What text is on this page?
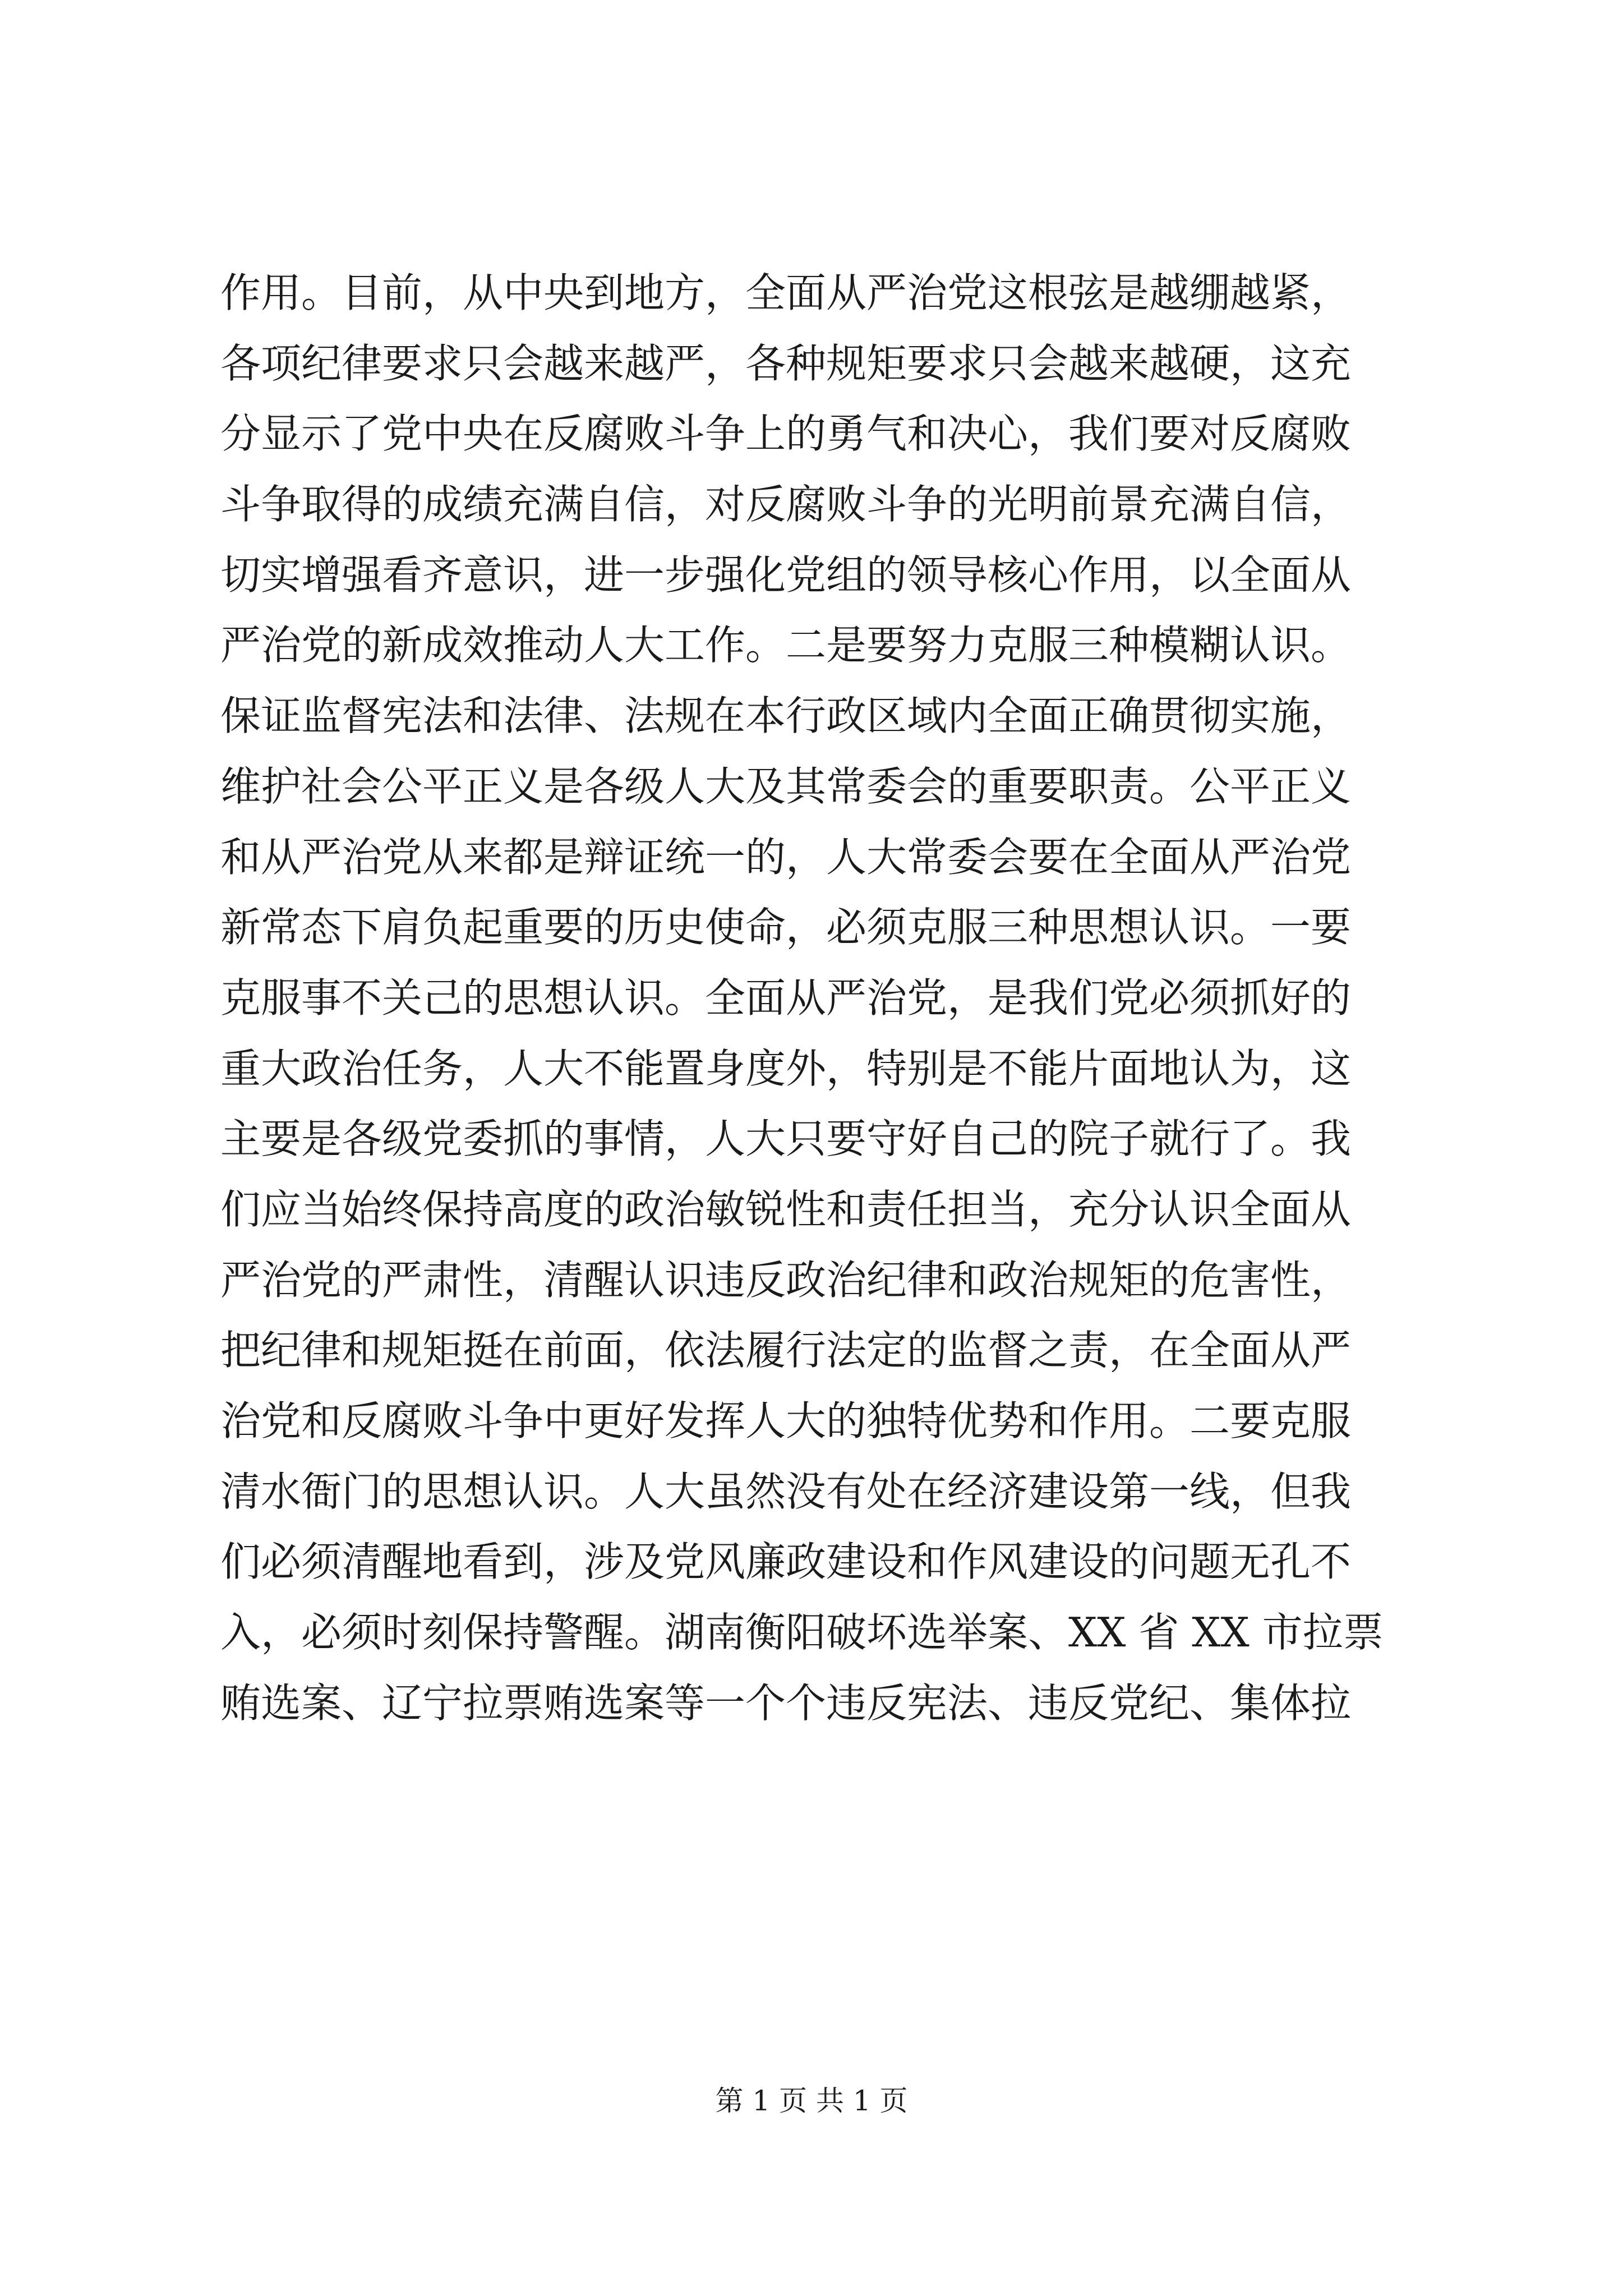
作用。目前，从中央到地方，全面从严治党这根弦是越绷越紧，
各项纪律要求只会越来越严，各种规矩要求只会越来越硬，这充
分显示了党中央在反腐败斗争上的勇气和决心，我们要对反腐败
斗争取得的成绩充满自信，对反腐败斗争的光明前景充满自信，
切实增强看齐意识，进一步强化党组的领导核心作用，以全面从
严治党的新成效推动人大工作。二是要努力克服三种模糊认识。
保证监督宪法和法律、法规在本行政区域内全面正确贯彻实施，
维护社会公平正义是各级人大及其常委会的重要职责。公平正义
和从严治党从来都是辩证统一的，人大常委会要在全面从严治党
新常态下肩负起重要的历史使命，必须克服三种思想认识。一要
克服事不关己的思想认识。全面从严治党，是我们党必须抓好的
重大政治任务，人大不能置身度外，特别是不能片面地认为，这
主要是各级党委抓的事情，人大只要守好自己的院子就行了。我
们应当始终保持高度的政治敏锐性和责任担当，充分认识全面从
严治党的严肃性，清醒认识违反政治纪律和政治规矩的危害性，
把纪律和规矩挺在前面，依法履行法定的监督之责，在全面从严
治党和反腐败斗争中更好发挥人大的独特优势和作用。二要克服
清水衙门的思想认识。人大虽然没有处在经济建设第一线，但我
们必须清醒地看到，涉及党风廉政建设和作风建设的问题无孔不
入，必须时刻保持警醒。湖南衡阳破坏选举案、XX 省 XX 市拉票
贿选案、辽宁拉票贿选案等一个个违反宪法、违反党纪、集体拉
第 1 页 共 1 页
